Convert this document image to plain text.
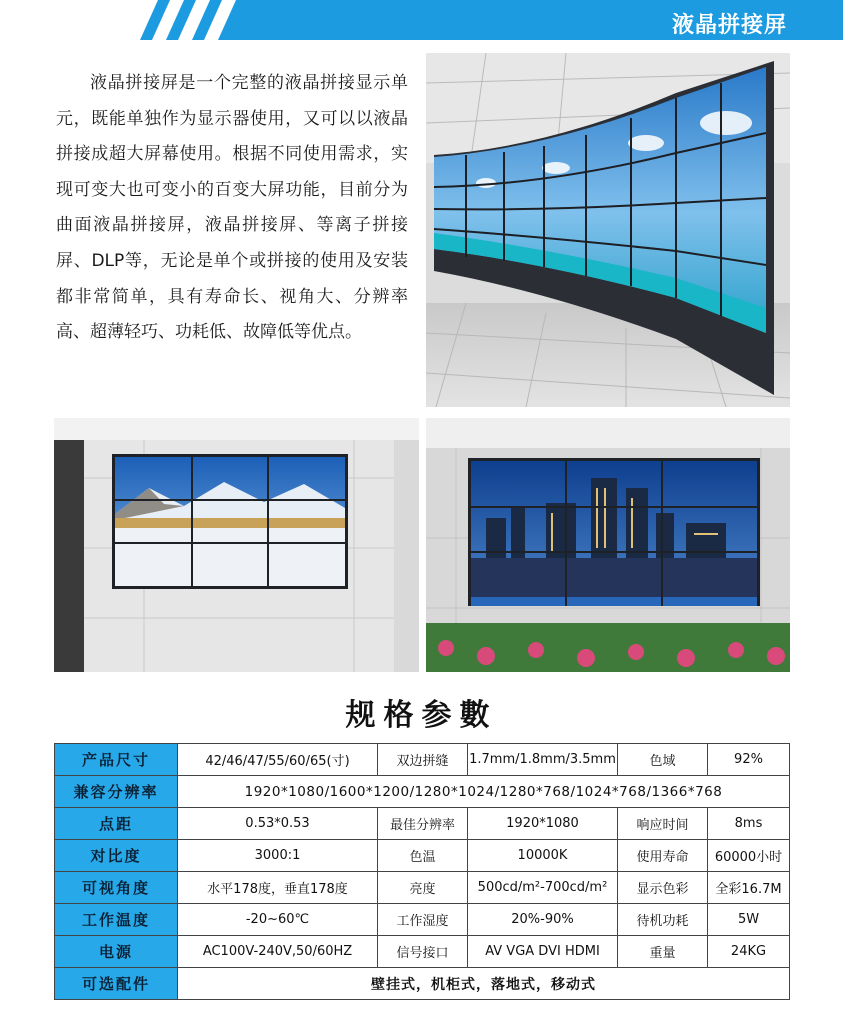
液晶拼接屏

液晶拼接屏是一个完整的液晶拼接显示单元，既能单独作为显示器使用，又可以以液晶拼接成超大屏幕使用。根据不同使用需求，实现可变大也可变小的百变大屏功能，目前分为曲面液晶拼接屏，液晶拼接屏、等离子拼接屏、DLP等，无论是单个或拼接的使用及安装都非常简单，具有寿命长、视角大、分辨率高、超薄轻巧、功耗低、故障低等优点。

规格参數
产品尺寸	42/46/47/55/60/65(寸)	双边拼缝	1.7mm/1.8mm/3.5mm	色域	92%
兼容分辨率	1920*1080/1600*1200/1280*1024/1280*768/1024*768/1366*768				
点距	0.53*0.53	最佳分辨率	1920*1080	响应时间	8ms
对比度	3000:1	色温	10000K	使用寿命	60000小时
可视角度	水平178度，垂直178度	亮度	500cd/m²-700cd/m²	显示色彩	全彩16.7M
工作温度	-20~60℃	工作湿度	20%-90%	待机功耗	5W
电源	AC100V-240V,50/60HZ	信号接口	AV VGA DVI HDMI	重量	24KG
可选配件	壁挂式，机柜式，落地式，移动式				
